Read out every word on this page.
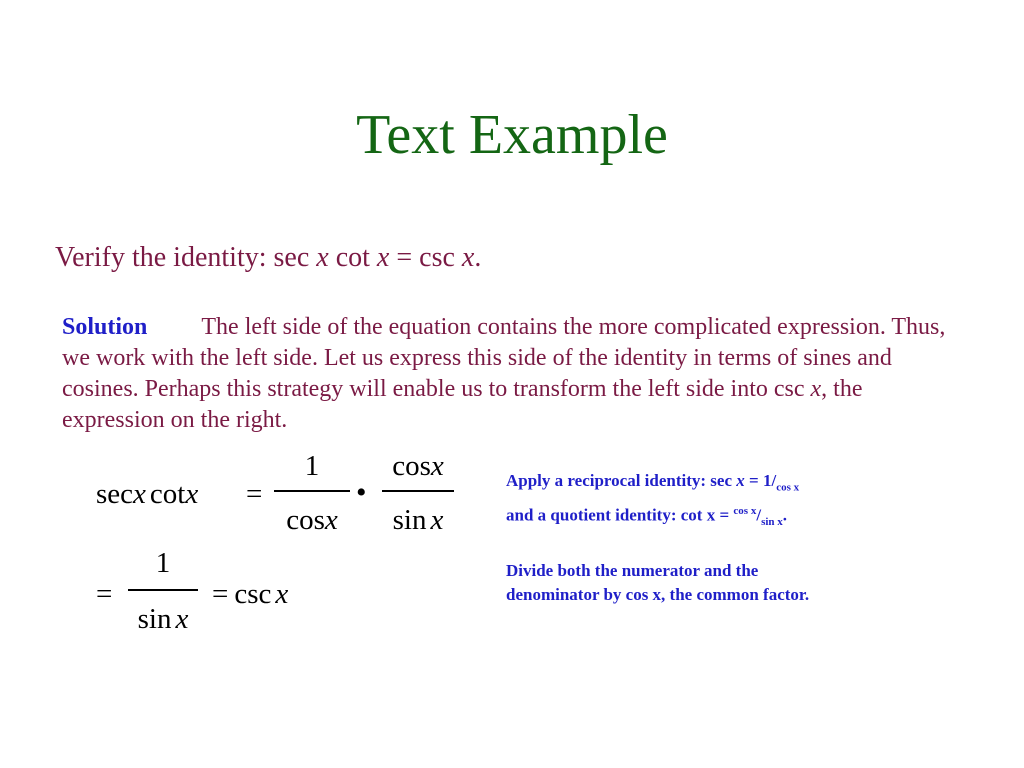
Text Example
Verify the identity: sec x cot x = csc x.
Solution The left side of the equation contains the more complicated expression. Thus, we work with the left side. Let us express this side of the identity in terms of sines and cosines. Perhaps this strategy will enable us to transform the left side into csc x, the expression on the right.
secx cotx =
1
cosx
•
cosx
sin x
=
1
sin x
= csc x
Apply a reciprocal identity: $\sec x = 1/_{cos x}$
and a quotient identity: $\cot x = ^{cos x}/_{sin x}$.
Divide both the numerator and the
denominator by cos x, the common factor.
